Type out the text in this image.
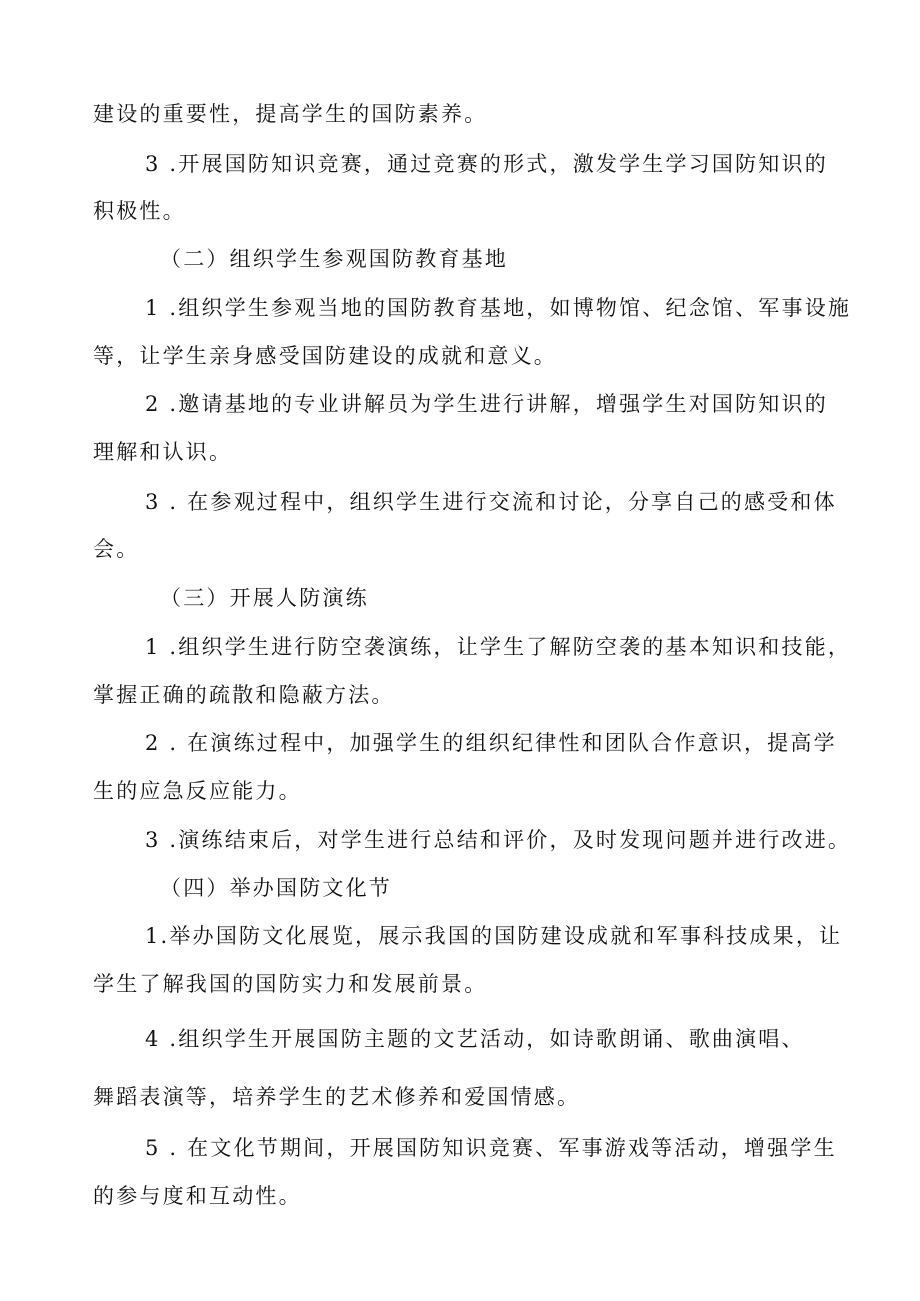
建设的重要性，提高学生的国防素养。
3 .开展国防知识竞赛，通过竞赛的形式，激发学生学习国防知识的
积极性。
（二）组织学生参观国防教育基地
1 .组织学生参观当地的国防教育基地，如博物馆、纪念馆、军事设施
等，让学生亲身感受国防建设的成就和意义。
2 .邀请基地的专业讲解员为学生进行讲解，增强学生对国防知识的
理解和认识。
3 . 在参观过程中，组织学生进行交流和讨论，分享自己的感受和体
会。
（三）开展人防演练
1 .组织学生进行防空袭演练，让学生了解防空袭的基本知识和技能，
掌握正确的疏散和隐蔽方法。
2 . 在演练过程中，加强学生的组织纪律性和团队合作意识，提高学
生的应急反应能力。
3 .演练结束后，对学生进行总结和评价，及时发现问题并进行改进。
（四）举办国防文化节
1.举办国防文化展览，展示我国的国防建设成就和军事科技成果，让
学生了解我国的国防实力和发展前景。
4 .组织学生开展国防主题的文艺活动，如诗歌朗诵、歌曲演唱、
舞蹈表演等，培养学生的艺术修养和爱国情感。
5 . 在文化节期间，开展国防知识竞赛、军事游戏等活动，增强学生
的参与度和互动性。
